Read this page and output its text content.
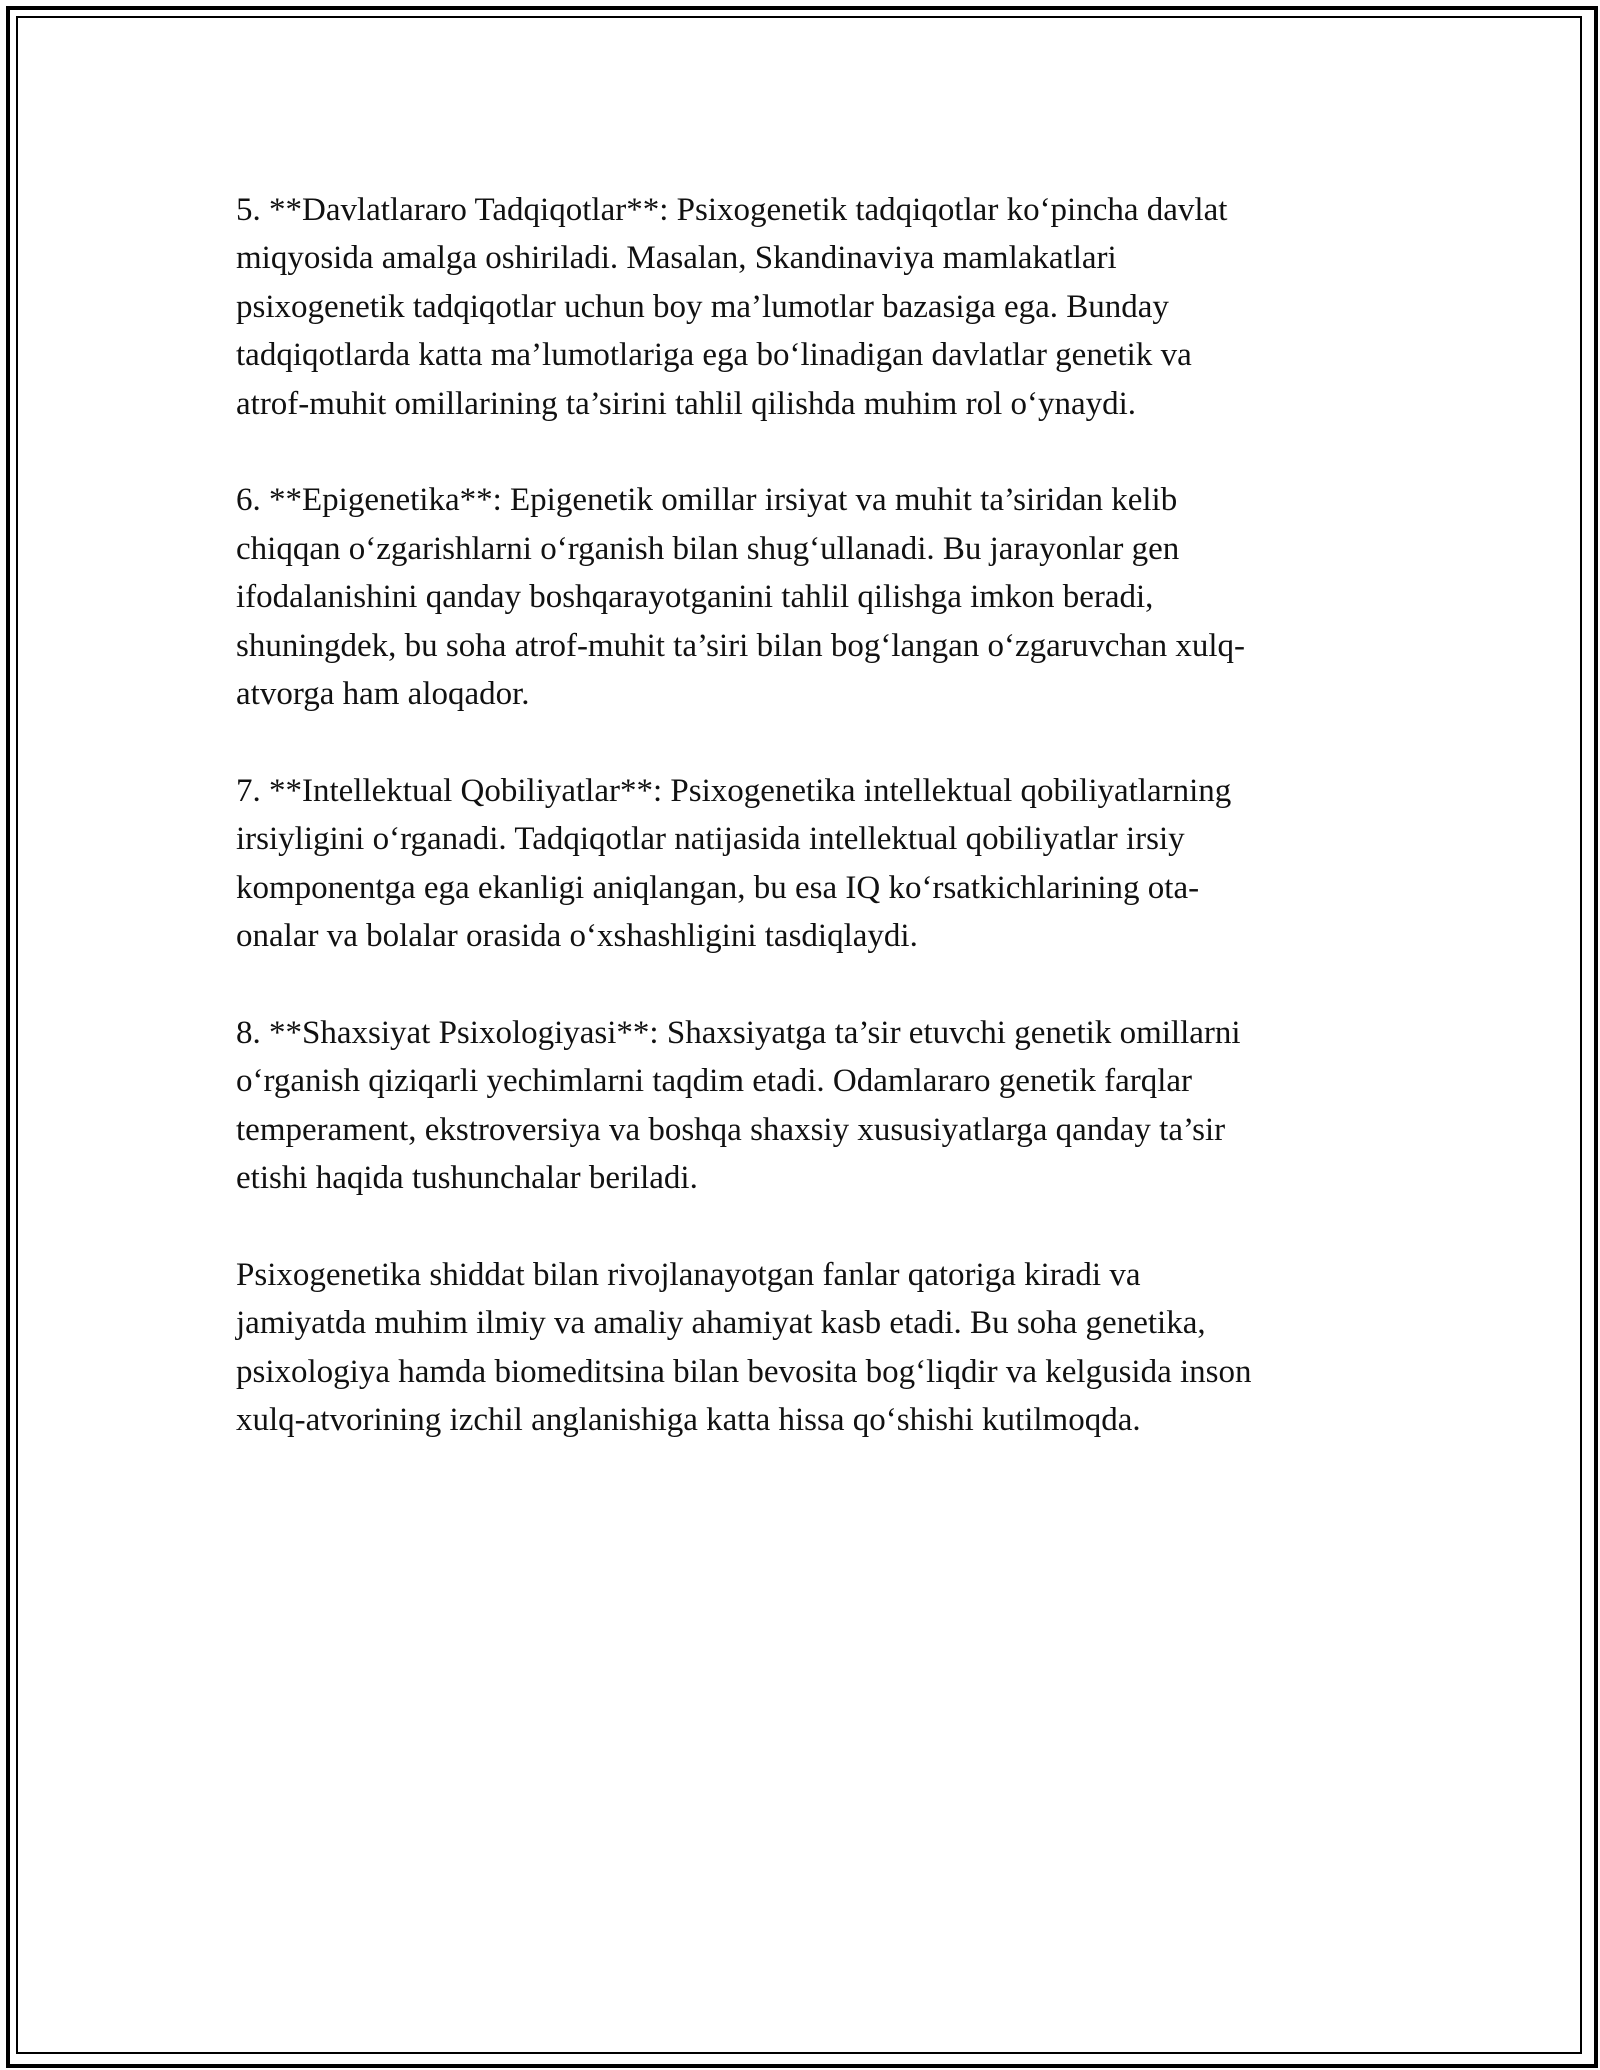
5. **Davlatlararo Tadqiqotlar**: Psixogenetik tadqiqotlar koʻpincha davlat
miqyosida amalga oshiriladi. Masalan, Skandinaviya mamlakatlari
psixogenetik tadqiqotlar uchun boy ma’lumotlar bazasiga ega. Bunday
tadqiqotlarda katta ma’lumotlariga ega boʻlinadigan davlatlar genetik va
atrof-muhit omillarining ta’sirini tahlil qilishda muhim rol oʻynaydi.

6. **Epigenetika**: Epigenetik omillar irsiyat va muhit ta’siridan kelib
chiqqan oʻzgarishlarni oʻrganish bilan shugʻullanadi. Bu jarayonlar gen
ifodalanishini qanday boshqarayotganini tahlil qilishga imkon beradi,
shuningdek, bu soha atrof-muhit ta’siri bilan bogʻlangan oʻzgaruvchan xulq-
atvorga ham aloqador.

7. **Intellektual Qobiliyatlar**: Psixogenetika intellektual qobiliyatlarning
irsiyligini oʻrganadi. Tadqiqotlar natijasida intellektual qobiliyatlar irsiy
komponentga ega ekanligi aniqlangan, bu esa IQ koʻrsatkichlarining ota-
onalar va bolalar orasida oʻxshashligini tasdiqlaydi.

8. **Shaxsiyat Psixologiyasi**: Shaxsiyatga ta’sir etuvchi genetik omillarni
oʻrganish qiziqarli yechimlarni taqdim etadi. Odamlararo genetik farqlar
temperament, ekstroversiya va boshqa shaxsiy xususiyatlarga qanday ta’sir
etishi haqida tushunchalar beriladi.

Psixogenetika shiddat bilan rivojlanayotgan fanlar qatoriga kiradi va
jamiyatda muhim ilmiy va amaliy ahamiyat kasb etadi. Bu soha genetika,
psixologiya hamda biomeditsina bilan bevosita bogʻliqdir va kelgusida inson
xulq-atvorining izchil anglanishiga katta hissa qoʻshishi kutilmoqda.
